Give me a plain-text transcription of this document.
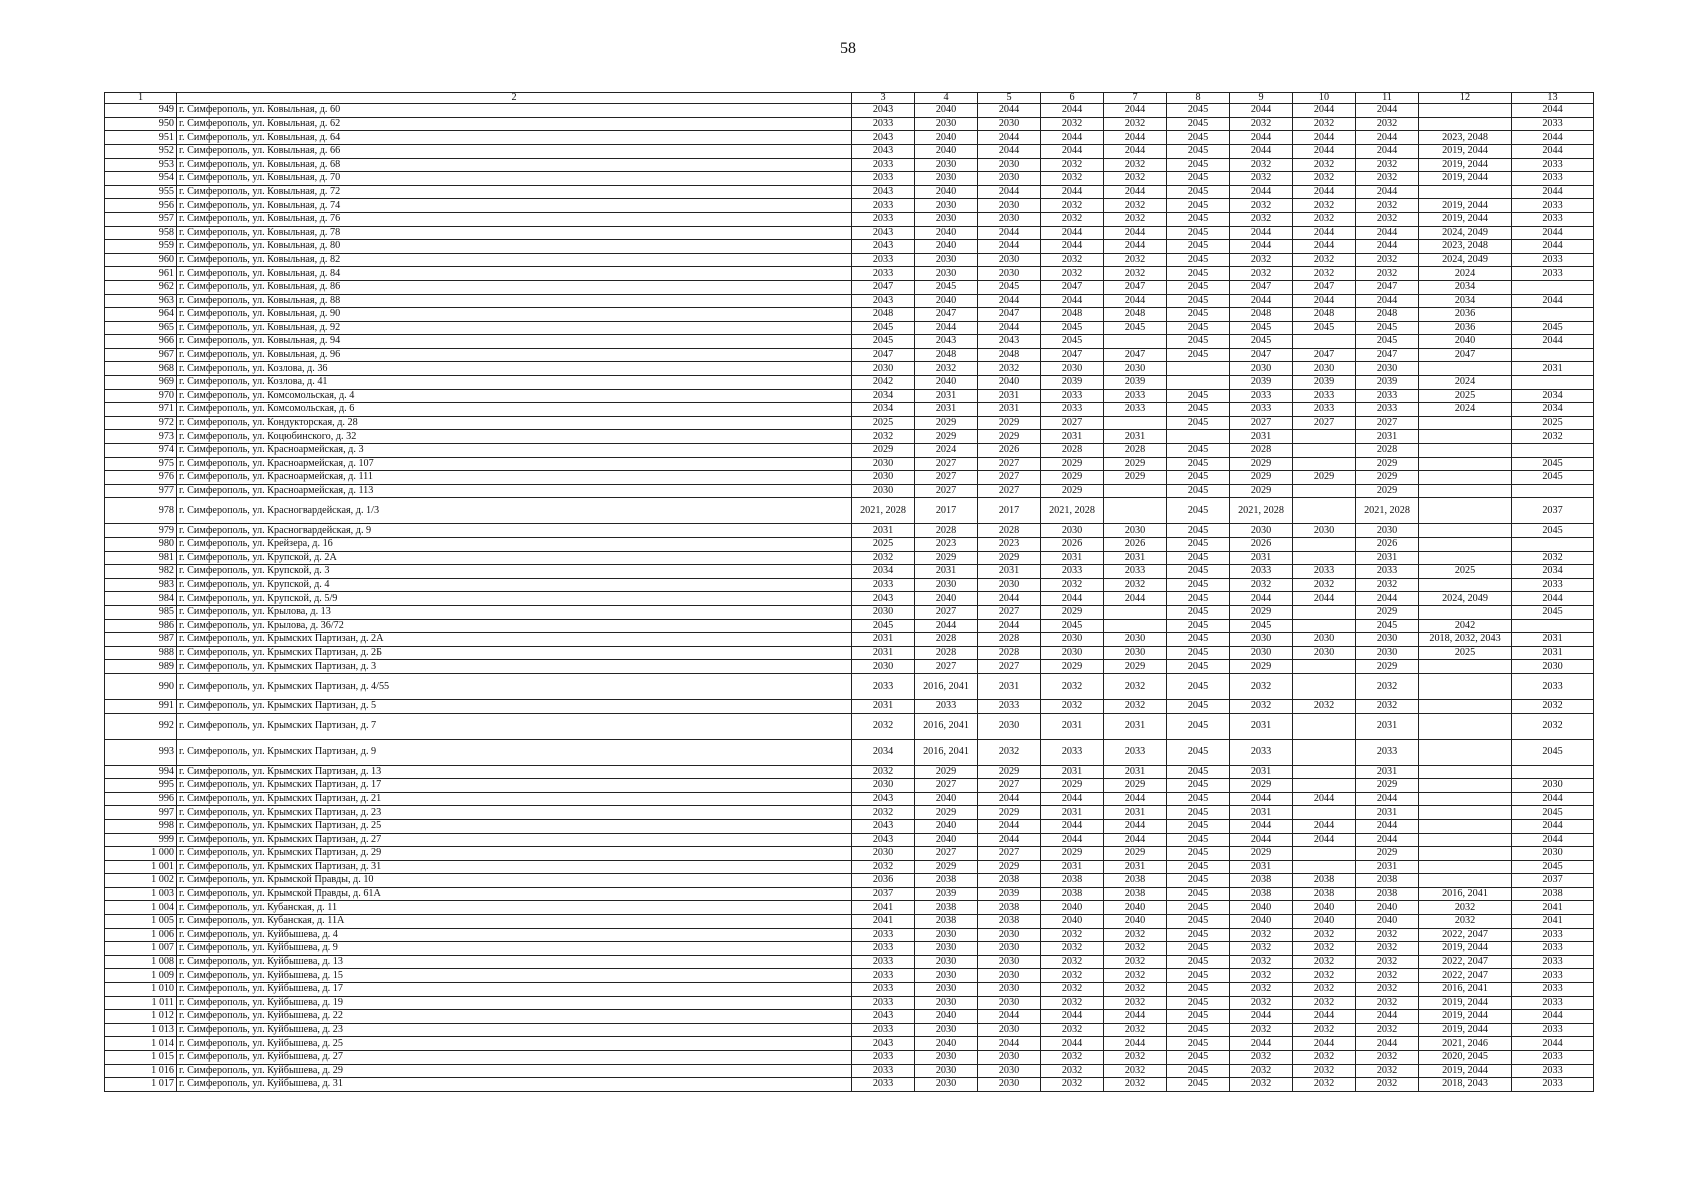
58
1	2	3	4	5	6	7	8	9	10	11	12	13
949	г. Симферополь, ул. Ковыльная, д. 60	2043	2040	2044	2044	2044	2045	2044	2044	2044		2044
950	г. Симферополь, ул. Ковыльная, д. 62	2033	2030	2030	2032	2032	2045	2032	2032	2032		2033
951	г. Симферополь, ул. Ковыльная, д. 64	2043	2040	2044	2044	2044	2045	2044	2044	2044	2023, 2048	2044
952	г. Симферополь, ул. Ковыльная, д. 66	2043	2040	2044	2044	2044	2045	2044	2044	2044	2019, 2044	2044
953	г. Симферополь, ул. Ковыльная, д. 68	2033	2030	2030	2032	2032	2045	2032	2032	2032	2019, 2044	2033
954	г. Симферополь, ул. Ковыльная, д. 70	2033	2030	2030	2032	2032	2045	2032	2032	2032	2019, 2044	2033
955	г. Симферополь, ул. Ковыльная, д. 72	2043	2040	2044	2044	2044	2045	2044	2044	2044		2044
956	г. Симферополь, ул. Ковыльная, д. 74	2033	2030	2030	2032	2032	2045	2032	2032	2032	2019, 2044	2033
957	г. Симферополь, ул. Ковыльная, д. 76	2033	2030	2030	2032	2032	2045	2032	2032	2032	2019, 2044	2033
958	г. Симферополь, ул. Ковыльная, д. 78	2043	2040	2044	2044	2044	2045	2044	2044	2044	2024, 2049	2044
959	г. Симферополь, ул. Ковыльная, д. 80	2043	2040	2044	2044	2044	2045	2044	2044	2044	2023, 2048	2044
960	г. Симферополь, ул. Ковыльная, д. 82	2033	2030	2030	2032	2032	2045	2032	2032	2032	2024, 2049	2033
961	г. Симферополь, ул. Ковыльная, д. 84	2033	2030	2030	2032	2032	2045	2032	2032	2032	2024	2033
962	г. Симферополь, ул. Ковыльная, д. 86	2047	2045	2045	2047	2047	2045	2047	2047	2047	2034	
963	г. Симферополь, ул. Ковыльная, д. 88	2043	2040	2044	2044	2044	2045	2044	2044	2044	2034	2044
964	г. Симферополь, ул. Ковыльная, д. 90	2048	2047	2047	2048	2048	2045	2048	2048	2048	2036	
965	г. Симферополь, ул. Ковыльная, д. 92	2045	2044	2044	2045	2045	2045	2045	2045	2045	2036	2045
966	г. Симферополь, ул. Ковыльная, д. 94	2045	2043	2043	2045		2045	2045		2045	2040	2044
967	г. Симферополь, ул. Ковыльная, д. 96	2047	2048	2048	2047	2047	2045	2047	2047	2047	2047	
968	г. Симферополь, ул. Козлова, д. 36	2030	2032	2032	2030	2030		2030	2030	2030		2031
969	г. Симферополь, ул. Козлова, д. 41	2042	2040	2040	2039	2039		2039	2039	2039	2024	
970	г. Симферополь, ул. Комсомольская, д. 4	2034	2031	2031	2033	2033	2045	2033	2033	2033	2025	2034
971	г. Симферополь, ул. Комсомольская, д. 6	2034	2031	2031	2033	2033	2045	2033	2033	2033	2024	2034
972	г. Симферополь, ул. Кондукторская, д. 28	2025	2029	2029	2027		2045	2027	2027	2027		2025
973	г. Симферополь, ул. Коцюбинского, д. 32	2032	2029	2029	2031	2031		2031		2031		2032
974	г. Симферополь, ул. Красноармейская, д. 3	2029	2024	2026	2028	2028	2045	2028		2028		
975	г. Симферополь, ул. Красноармейская, д. 107	2030	2027	2027	2029	2029	2045	2029		2029		2045
976	г. Симферополь, ул. Красноармейская, д. 111	2030	2027	2027	2029	2029	2045	2029	2029	2029		2045
977	г. Симферополь, ул. Красноармейская, д. 113	2030	2027	2027	2029		2045	2029		2029		
978	г. Симферополь, ул. Красногвардейская, д. 1/3	2021, 2028	2017	2017	2021, 2028		2045	2021, 2028		2021, 2028		2037
979	г. Симферополь, ул. Красногвардейская, д. 9	2031	2028	2028	2030	2030	2045	2030	2030	2030		2045
980	г. Симферополь, ул. Крейзера, д. 16	2025	2023	2023	2026	2026	2045	2026		2026		
981	г. Симферополь, ул. Крупской, д. 2А	2032	2029	2029	2031	2031	2045	2031		2031		2032
982	г. Симферополь, ул. Крупской, д. 3	2034	2031	2031	2033	2033	2045	2033	2033	2033	2025	2034
983	г. Симферополь, ул. Крупской, д. 4	2033	2030	2030	2032	2032	2045	2032	2032	2032		2033
984	г. Симферополь, ул. Крупской, д. 5/9	2043	2040	2044	2044	2044	2045	2044	2044	2044	2024, 2049	2044
985	г. Симферополь, ул. Крылова, д. 13	2030	2027	2027	2029		2045	2029		2029		2045
986	г. Симферополь, ул. Крылова, д. 36/72	2045	2044	2044	2045		2045	2045		2045	2042	
987	г. Симферополь, ул. Крымских Партизан, д. 2А	2031	2028	2028	2030	2030	2045	2030	2030	2030	2018, 2032, 2043	2031
988	г. Симферополь, ул. Крымских Партизан, д. 2Б	2031	2028	2028	2030	2030	2045	2030	2030	2030	2025	2031
989	г. Симферополь, ул. Крымских Партизан, д. 3	2030	2027	2027	2029	2029	2045	2029		2029		2030
990	г. Симферополь, ул. Крымских Партизан, д. 4/55	2033	2016, 2041	2031	2032	2032	2045	2032		2032		2033
991	г. Симферополь, ул. Крымских Партизан, д. 5	2031	2033	2033	2032	2032	2045	2032	2032	2032		2032
992	г. Симферополь, ул. Крымских Партизан, д. 7	2032	2016, 2041	2030	2031	2031	2045	2031		2031		2032
993	г. Симферополь, ул. Крымских Партизан, д. 9	2034	2016, 2041	2032	2033	2033	2045	2033		2033		2045
994	г. Симферополь, ул. Крымских Партизан, д. 13	2032	2029	2029	2031	2031	2045	2031		2031		
995	г. Симферополь, ул. Крымских Партизан, д. 17	2030	2027	2027	2029	2029	2045	2029		2029		2030
996	г. Симферополь, ул. Крымских Партизан, д. 21	2043	2040	2044	2044	2044	2045	2044	2044	2044		2044
997	г. Симферополь, ул. Крымских Партизан, д. 23	2032	2029	2029	2031	2031	2045	2031		2031		2045
998	г. Симферополь, ул. Крымских Партизан, д. 25	2043	2040	2044	2044	2044	2045	2044	2044	2044		2044
999	г. Симферополь, ул. Крымских Партизан, д. 27	2043	2040	2044	2044	2044	2045	2044	2044	2044		2044
1 000	г. Симферополь, ул. Крымских Партизан, д. 29	2030	2027	2027	2029	2029	2045	2029		2029		2030
1 001	г. Симферополь, ул. Крымских Партизан, д. 31	2032	2029	2029	2031	2031	2045	2031		2031		2045
1 002	г. Симферополь, ул. Крымской Правды, д. 10	2036	2038	2038	2038	2038	2045	2038	2038	2038		2037
1 003	г. Симферополь, ул. Крымской Правды, д. 61А	2037	2039	2039	2038	2038	2045	2038	2038	2038	2016, 2041	2038
1 004	г. Симферополь, ул. Кубанская, д. 11	2041	2038	2038	2040	2040	2045	2040	2040	2040	2032	2041
1 005	г. Симферополь, ул. Кубанская, д. 11А	2041	2038	2038	2040	2040	2045	2040	2040	2040	2032	2041
1 006	г. Симферополь, ул. Куйбышева, д. 4	2033	2030	2030	2032	2032	2045	2032	2032	2032	2022, 2047	2033
1 007	г. Симферополь, ул. Куйбышева, д. 9	2033	2030	2030	2032	2032	2045	2032	2032	2032	2019, 2044	2033
1 008	г. Симферополь, ул. Куйбышева, д. 13	2033	2030	2030	2032	2032	2045	2032	2032	2032	2022, 2047	2033
1 009	г. Симферополь, ул. Куйбышева, д. 15	2033	2030	2030	2032	2032	2045	2032	2032	2032	2022, 2047	2033
1 010	г. Симферополь, ул. Куйбышева, д. 17	2033	2030	2030	2032	2032	2045	2032	2032	2032	2016, 2041	2033
1 011	г. Симферополь, ул. Куйбышева, д. 19	2033	2030	2030	2032	2032	2045	2032	2032	2032	2019, 2044	2033
1 012	г. Симферополь, ул. Куйбышева, д. 22	2043	2040	2044	2044	2044	2045	2044	2044	2044	2019, 2044	2044
1 013	г. Симферополь, ул. Куйбышева, д. 23	2033	2030	2030	2032	2032	2045	2032	2032	2032	2019, 2044	2033
1 014	г. Симферополь, ул. Куйбышева, д. 25	2043	2040	2044	2044	2044	2045	2044	2044	2044	2021, 2046	2044
1 015	г. Симферополь, ул. Куйбышева, д. 27	2033	2030	2030	2032	2032	2045	2032	2032	2032	2020, 2045	2033
1 016	г. Симферополь, ул. Куйбышева, д. 29	2033	2030	2030	2032	2032	2045	2032	2032	2032	2019, 2044	2033
1 017	г. Симферополь, ул. Куйбышева, д. 31	2033	2030	2030	2032	2032	2045	2032	2032	2032	2018, 2043	2033
